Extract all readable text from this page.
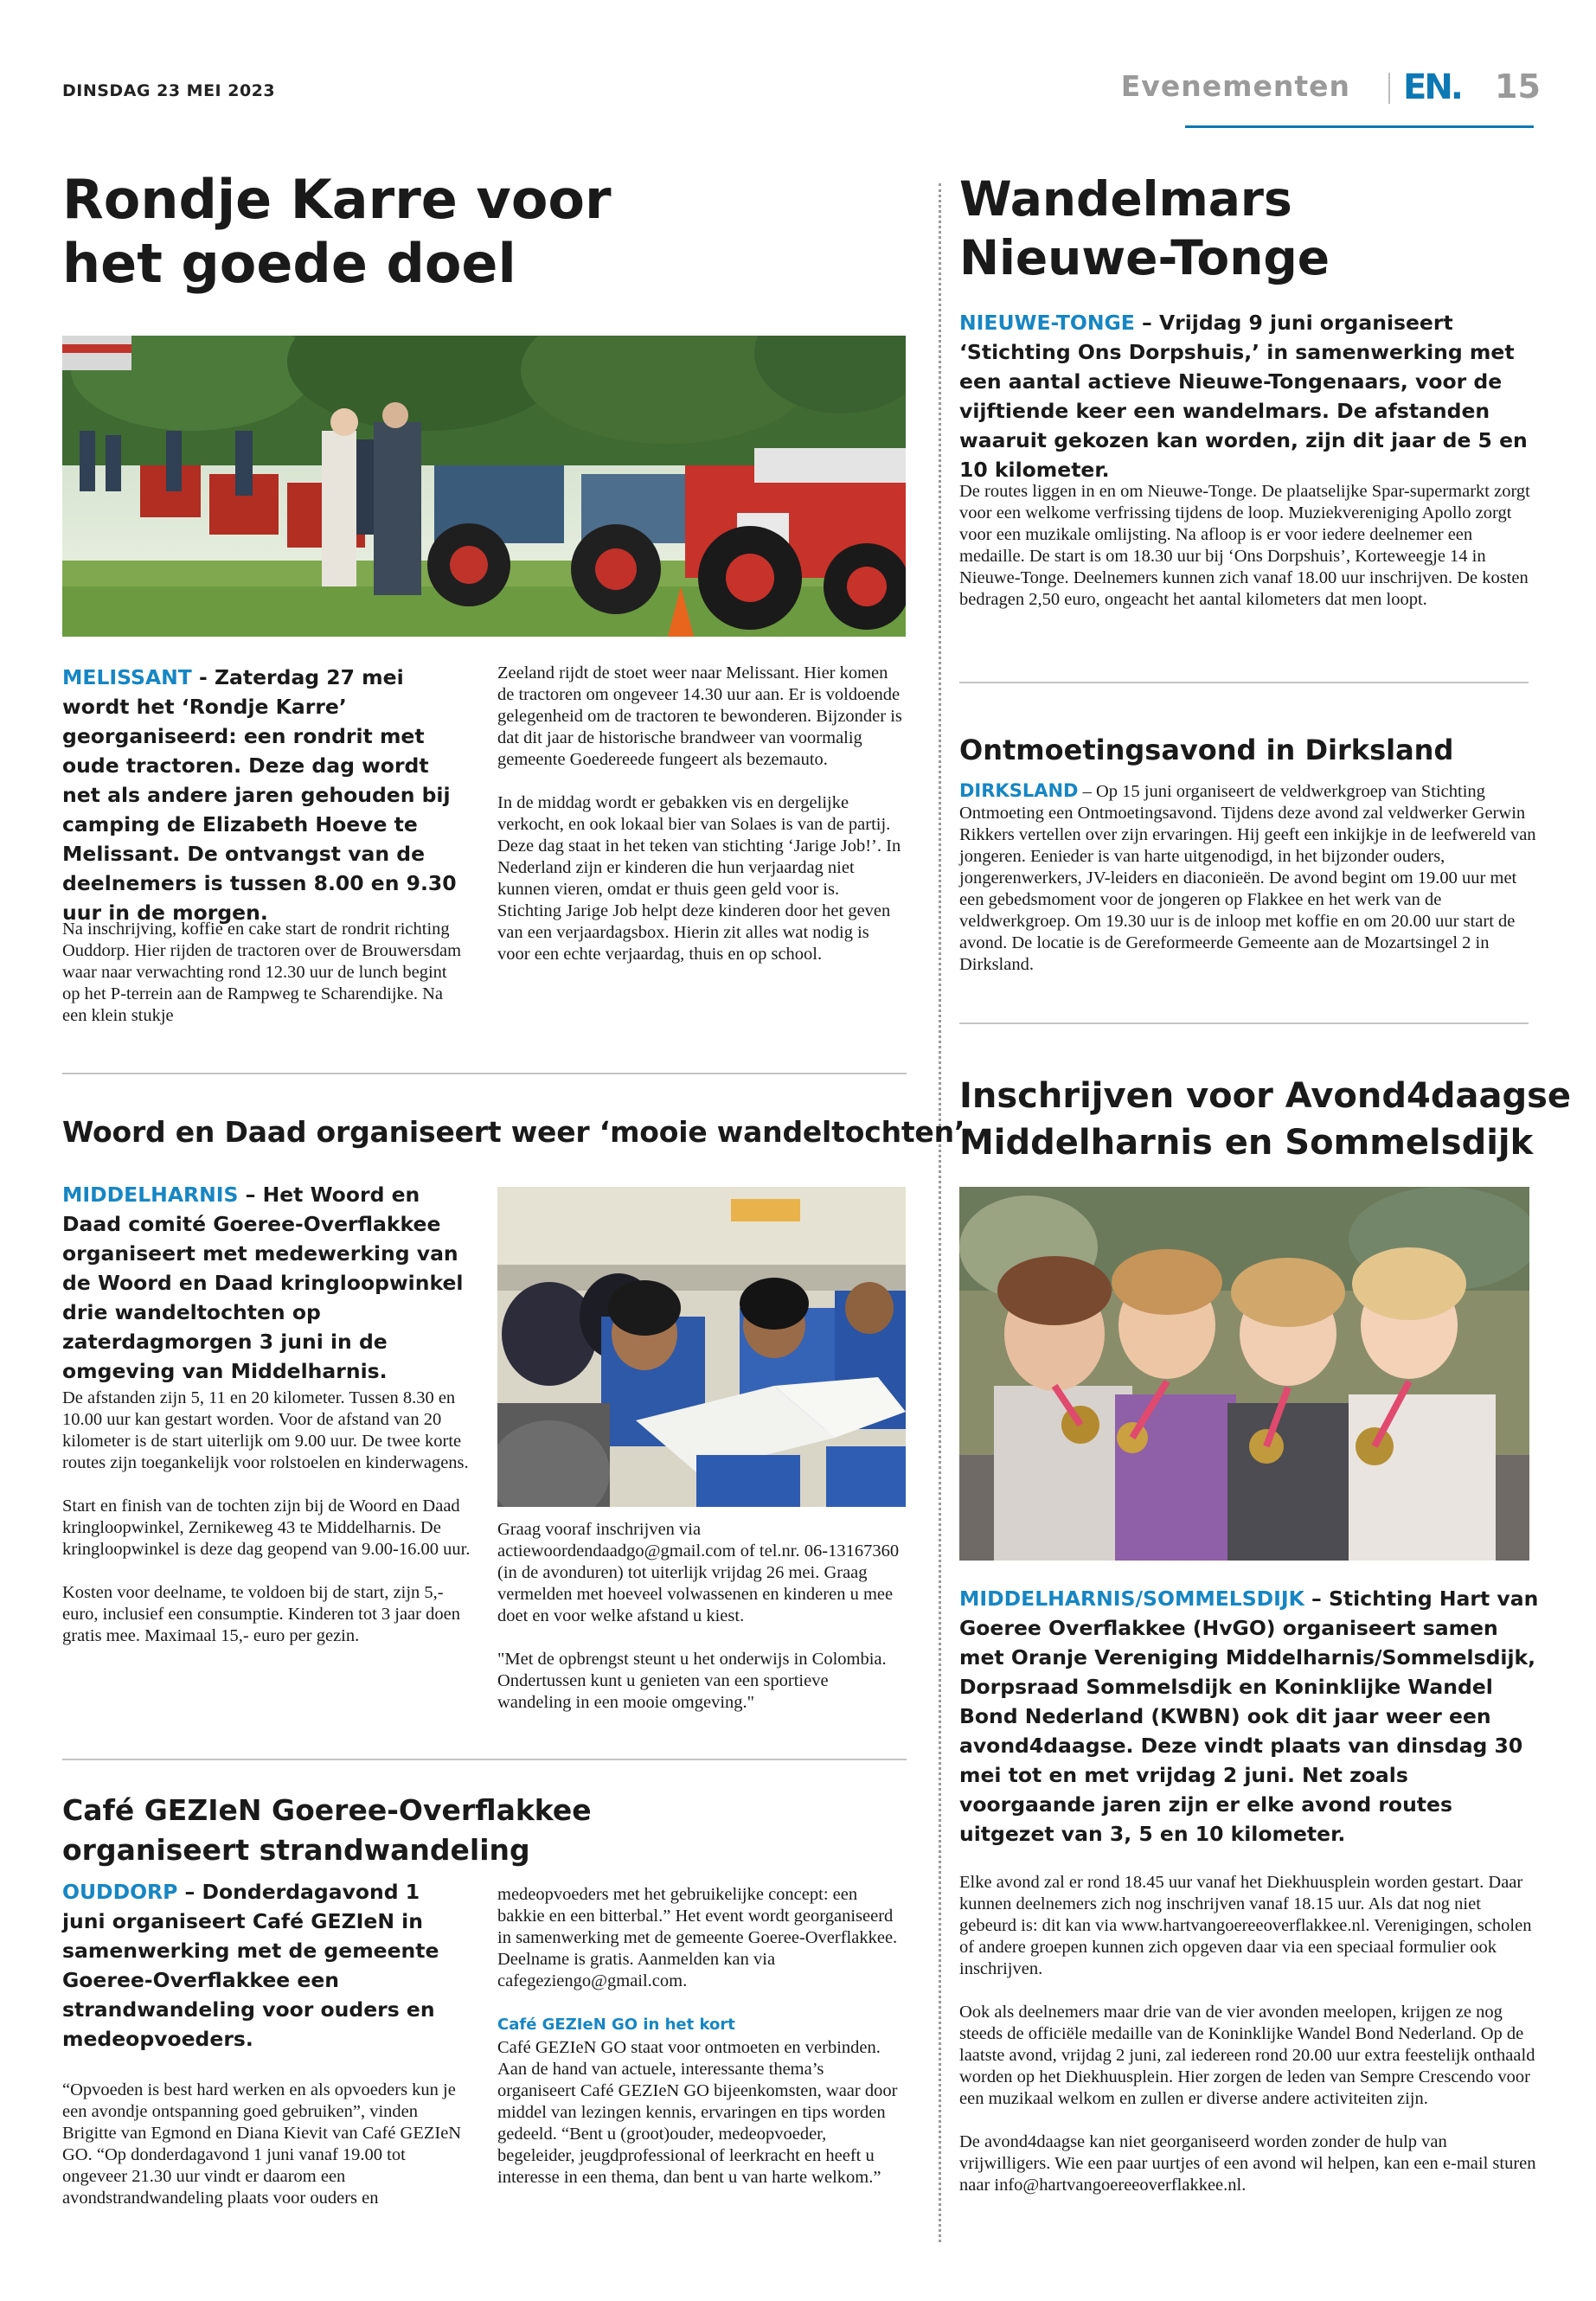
DINSDAG 23 MEI 2023	Evenementen EN. 15
Rondje Karre voor
het goede doel

MELISSANT - Zaterdag 27 mei wordt het ‘Rondje Karre’ georganiseerd: een rondrit met oude tractoren. Deze dag wordt net als andere jaren gehouden bij camping de Elizabeth Hoeve te Melissant. De ontvangst van de deelnemers is tussen 8.00 en 9.30 uur in de morgen.

Na inschrijving, koffie en cake start de rondrit richting Ouddorp. Hier rijden de tractoren over de Brouwersdam waar naar verwachting rond 12.30 uur de lunch begint op het P-terrein aan de Rampweg te Scharendijke. Na een klein stukje

Zeeland rijdt de stoet weer naar Melissant. Hier komen de tractoren om ongeveer 14.30 uur aan. Er is voldoende gelegenheid om de tractoren te bewonderen. Bijzonder is dat dit jaar de historische brandweer van voormalig gemeente Goedereede fungeert als bezemauto.

In de middag wordt er gebakken vis en dergelijke verkocht, en ook lokaal bier van Solaes is van de partij. Deze dag staat in het teken van stichting ‘Jarige Job!’. In Nederland zijn er kinderen die hun verjaardag niet kunnen vieren, omdat er thuis geen geld voor is. Stichting Jarige Job helpt deze kinderen door het geven van een verjaardagsbox. Hierin zit alles wat nodig is voor een echte verjaardag, thuis en op school.

Wandelmars
Nieuwe-Tonge

NIEUWE-TONGE – Vrijdag 9 juni organiseert ‘Stichting Ons Dorpshuis,’ in samenwerking met een aantal actieve Nieuwe-Tongenaars, voor de vijftiende keer een wandelmars. De afstanden waaruit gekozen kan worden, zijn dit jaar de 5 en 10 kilometer.

De routes liggen in en om Nieuwe-Tonge. De plaatselijke Spar-supermarkt zorgt voor een welkome verfrissing tijdens de loop. Muziekvereniging Apollo zorgt voor een muzikale omlijsting. Na afloop is er voor iedere deelnemer een medaille. De start is om 18.30 uur bij ‘Ons Dorpshuis’, Korteweegje 14 in Nieuwe-Tonge. Deelnemers kunnen zich vanaf 18.00 uur inschrijven. De kosten bedragen 2,50 euro, ongeacht het aantal kilometers dat men loopt.

Ontmoetingsavond in Dirksland

DIRKSLAND – Op 15 juni organiseert de veldwerkgroep van Stichting Ontmoeting een Ontmoetingsavond. Tijdens deze avond zal veldwerker Gerwin Rikkers vertellen over zijn ervaringen. Hij geeft een inkijkje in de leefwereld van jongeren. Eenieder is van harte uitgenodigd, in het bijzonder ouders, jongerenwerkers, JV-leiders en diaconieën. De avond begint om 19.00 uur met een gebedsmoment voor de jongeren op Flakkee en het werk van de veldwerkgroep. Om 19.30 uur is de inloop met koffie en om 20.00 uur start de avond. De locatie is de Gereformeerde Gemeente aan de Mozartsingel 2 in Dirksland.

Woord en Daad organiseert weer ‘mooie wandeltochten’

MIDDELHARNIS – Het Woord en Daad comité Goeree-Overflakkee organiseert met medewerking van de Woord en Daad kringloopwinkel drie wandeltochten op zaterdagmorgen 3 juni in de omgeving van Middelharnis.

De afstanden zijn 5, 11 en 20 kilometer. Tussen 8.30 en 10.00 uur kan gestart worden. Voor de afstand van 20 kilometer is de start uiterlijk om 9.00 uur. De twee korte routes zijn toegankelijk voor rolstoelen en kinderwagens.

Start en finish van de tochten zijn bij de Woord en Daad kringloopwinkel, Zernikeweg 43 te Middelharnis. De kringloopwinkel is deze dag geopend van 9.00-16.00 uur.

Kosten voor deelname, te voldoen bij de start, zijn 5,- euro, inclusief een consumptie. Kinderen tot 3 jaar doen gratis mee. Maximaal 15,- euro per gezin.

Graag vooraf inschrijven via actiewoordendaadgo@gmail.com of tel.nr. 06-13167360 (in de avonduren) tot uiterlijk vrijdag 26 mei. Graag vermelden met hoeveel volwassenen en kinderen u mee doet en voor welke afstand u kiest.

"Met de opbrengst steunt u het onderwijs in Colombia. Ondertussen kunt u genieten van een sportieve wandeling in een mooie omgeving."

Inschrijven voor Avond4daagse
Middelharnis en Sommelsdijk

MIDDELHARNIS/SOMMELSDIJK – Stichting Hart van Goeree Overflakkee (HvGO) organiseert samen met Oranje Vereniging Middelharnis/Sommelsdijk, Dorpsraad Sommelsdijk en Koninklijke Wandel Bond Nederland (KWBN) ook dit jaar weer een avond4daagse. Deze vindt plaats van dinsdag 30 mei tot en met vrijdag 2 juni. Net zoals voorgaande jaren zijn er elke avond routes uitgezet van 3, 5 en 10 kilometer.

Elke avond zal er rond 18.45 uur vanaf het Diekhuusplein worden gestart. Daar kunnen deelnemers zich nog inschrijven vanaf 18.15 uur. Als dat nog niet gebeurd is: dit kan via www.hartvangoereeoverflakkee.nl. Verenigingen, scholen of andere groepen kunnen zich opgeven daar via een speciaal formulier ook inschrijven.

Ook als deelnemers maar drie van de vier avonden meelopen, krijgen ze nog steeds de officiële medaille van de Koninklijke Wandel Bond Nederland. Op de laatste avond, vrijdag 2 juni, zal iedereen rond 20.00 uur extra feestelijk onthaald worden op het Diekhuusplein. Hier zorgen de leden van Sempre Crescendo voor een muzikaal welkom en zullen er diverse andere activiteiten zijn.

De avond4daagse kan niet georganiseerd worden zonder de hulp van vrijwilligers. Wie een paar uurtjes of een avond wil helpen, kan een e-mail sturen naar info@hartvangoereeoverflakkee.nl.

Café GEZIeN Goeree-Overflakkee
organiseert strandwandeling

OUDDORP – Donderdagavond 1 juni organiseert Café GEZIeN in samenwerking met de gemeente Goeree-Overflakkee een strandwandeling voor ouders en medeopvoeders.

“Opvoeden is best hard werken en als opvoeders kun je een avondje ontspanning goed gebruiken”, vinden Brigitte van Egmond en Diana Kievit van Café GEZIeN GO. “Op donderdagavond 1 juni vanaf 19.00 tot ongeveer 21.30 uur vindt er daarom een avondstrandwandeling plaats voor ouders en

medeopvoeders met het gebruikelijke concept: een bakkie en een bitterbal.” Het event wordt georganiseerd in samenwerking met de gemeente Goeree-Overflakkee. Deelname is gratis. Aanmelden kan via cafegeziengo@gmail.com.

Café GEZIeN GO in het kort

Café GEZIeN GO staat voor ontmoeten en verbinden. Aan de hand van actuele, interessante thema’s organiseert Café GEZIeN GO bijeenkomsten, waar door middel van lezingen kennis, ervaringen en tips worden gedeeld. “Bent u (groot)ouder, medeopvoeder, begeleider, jeugdprofessional of leerkracht en heeft u interesse in een thema, dan bent u van harte welkom.”
